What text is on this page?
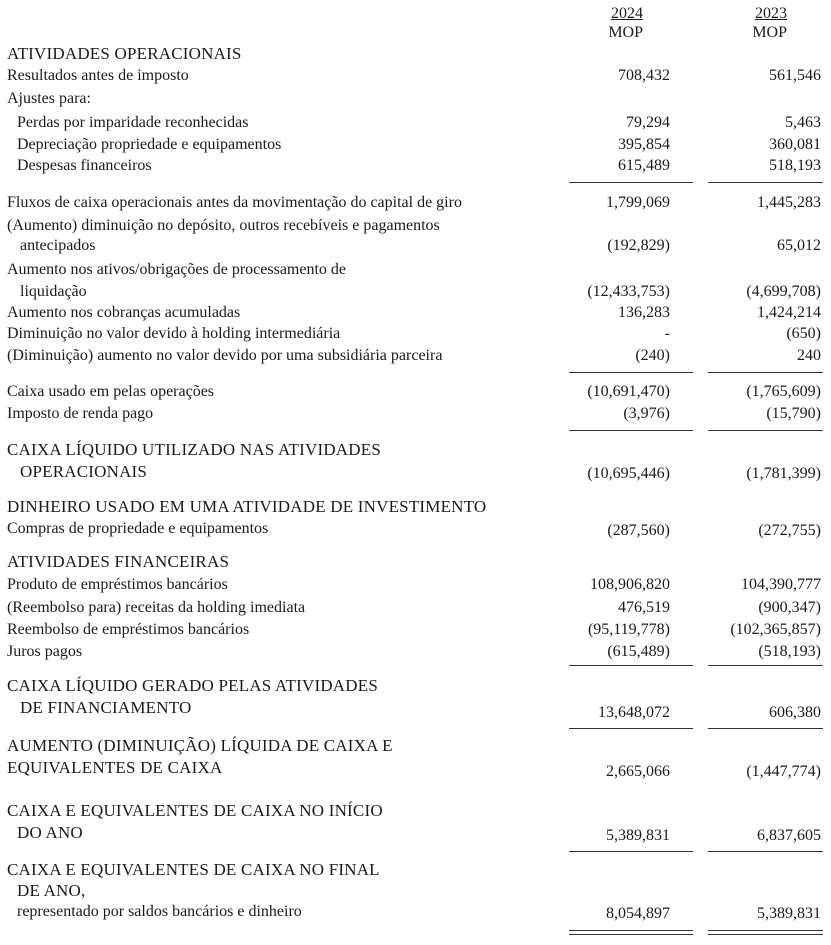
2024	2023
MOP	MOP
ATIVIDADES OPERACIONAIS
Resultados antes de imposto	708,432	561,546
Ajustes para:
Perdas por imparidade reconhecidas	79,294	5,463
Depreciação propriedade e equipamentos	395,854	360,081
Despesas financeiros	615,489	518,193
Fluxos de caixa operacionais antes da movimentação do capital de giro	1,799,069	1,445,283
(Aumento) diminuição no depósito, outros recebíveis e pagamentos
antecipados	(192,829)	65,012
Aumento nos ativos/obrigações de processamento de
liquidação	(12,433,753)	(4,699,708)
Aumento nos cobranças acumuladas	136,283	1,424,214
Diminuição no valor devido à holding intermediária	-	(650)
(Diminuição) aumento no valor devido por uma subsidiária parceira	(240)	240
Caixa usado em pelas operações	(10,691,470)	(1,765,609)
Imposto de renda pago	(3,976)	(15,790)
CAIXA LÍQUIDO UTILIZADO NAS ATIVIDADES
OPERACIONAIS	(10,695,446)	(1,781,399)
DINHEIRO USADO EM UMA ATIVIDADE DE INVESTIMENTO
Compras de propriedade e equipamentos	(287,560)	(272,755)
ATIVIDADES FINANCEIRAS
Produto de empréstimos bancários	108,906,820	104,390,777
(Reembolso para) receitas da holding imediata	476,519	(900,347)
Reembolso de empréstimos bancários	(95,119,778)	(102,365,857)
Juros pagos	(615,489)	(518,193)
CAIXA LÍQUIDO GERADO PELAS ATIVIDADES
DE FINANCIAMENTO	13,648,072	606,380
AUMENTO (DIMINUIÇÃO) LÍQUIDA DE CAIXA E
EQUIVALENTES DE CAIXA	2,665,066	(1,447,774)
CAIXA E EQUIVALENTES DE CAIXA NO INÍCIO
DO ANO	5,389,831	6,837,605
CAIXA E EQUIVALENTES DE CAIXA NO FINAL
DE ANO,
representado por saldos bancários e dinheiro	8,054,897	5,389,831
